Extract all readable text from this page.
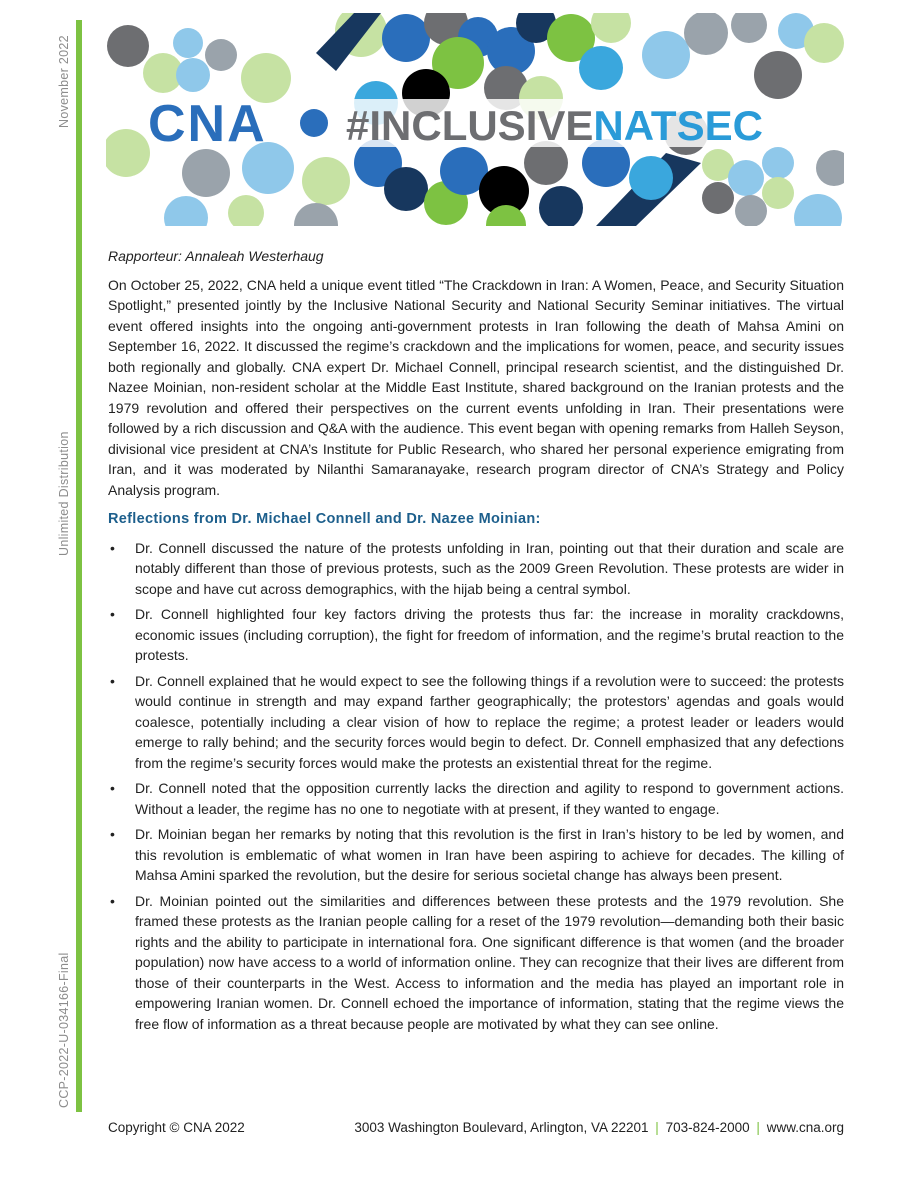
November 2022
Unlimited Distribution
CCP-2022-U-034166-Final
CNA #INCLUSIVENATSEC

Rapporteur: Annaleah Westerhaug

On October 25, 2022, CNA held a unique event titled “The Crackdown in Iran: A Women, Peace, and Security Situation Spotlight,” presented jointly by the Inclusive National Security and National Security Seminar initiatives. The virtual event offered insights into the ongoing anti-government protests in Iran following the death of Mahsa Amini on September 16, 2022. It discussed the regime’s crackdown and the implications for women, peace, and security issues both regionally and globally. CNA expert Dr. Michael Connell, principal research scientist, and the distinguished Dr. Nazee Moinian, non-resident scholar at the Middle East Institute, shared background on the Iranian protests and the 1979 revolution and offered their perspectives on the current events unfolding in Iran. Their presentations were followed by a rich discussion and Q&A with the audience. This event began with opening remarks from Halleh Seyson, divisional vice president at CNA’s Institute for Public Research, who shared her personal experience emigrating from Iran, and it was moderated by Nilanthi Samaranayake, research program director of CNA’s Strategy and Policy Analysis program.

Reflections from Dr. Michael Connell and Dr. Nazee Moinian:
• Dr. Connell discussed the nature of the protests unfolding in Iran, pointing out that their duration and scale are notably different than those of previous protests, such as the 2009 Green Revolution. These protests are wider in scope and have cut across demographics, with the hijab being a central symbol.
• Dr. Connell highlighted four key factors driving the protests thus far: the increase in morality crackdowns, economic issues (including corruption), the fight for freedom of information, and the regime’s brutal reaction to the protests.
• Dr. Connell explained that he would expect to see the following things if a revolution were to succeed: the protests would continue in strength and may expand farther geographically; the protestors’ agendas and goals would coalesce, potentially including a clear vision of how to replace the regime; a protest leader or leaders would emerge to rally behind; and the security forces would begin to defect. Dr. Connell emphasized that any defections from the regime’s security forces would make the protests an existential threat for the regime.
• Dr. Connell noted that the opposition currently lacks the direction and agility to respond to government actions. Without a leader, the regime has no one to negotiate with at present, if they wanted to engage.
• Dr. Moinian began her remarks by noting that this revolution is the first in Iran’s history to be led by women, and this revolution is emblematic of what women in Iran have been aspiring to achieve for decades. The killing of Mahsa Amini sparked the revolution, but the desire for serious societal change has always been present.
• Dr. Moinian pointed out the similarities and differences between these protests and the 1979 revolution. She framed these protests as the Iranian people calling for a reset of the 1979 revolution—demanding both their basic rights and the ability to participate in international fora. One significant difference is that women (and the broader population) now have access to a world of information online. They can recognize that their lives are different from those of their counterparts in the West. Access to information and the media has played an important role in empowering Iranian women. Dr. Connell echoed the importance of information, stating that the regime views the free flow of information as a threat because people are motivated by what they can see online.
Copyright © CNA 2022	3003 Washington Boulevard, Arlington, VA 22201 | 703-824-2000 | www.cna.org
